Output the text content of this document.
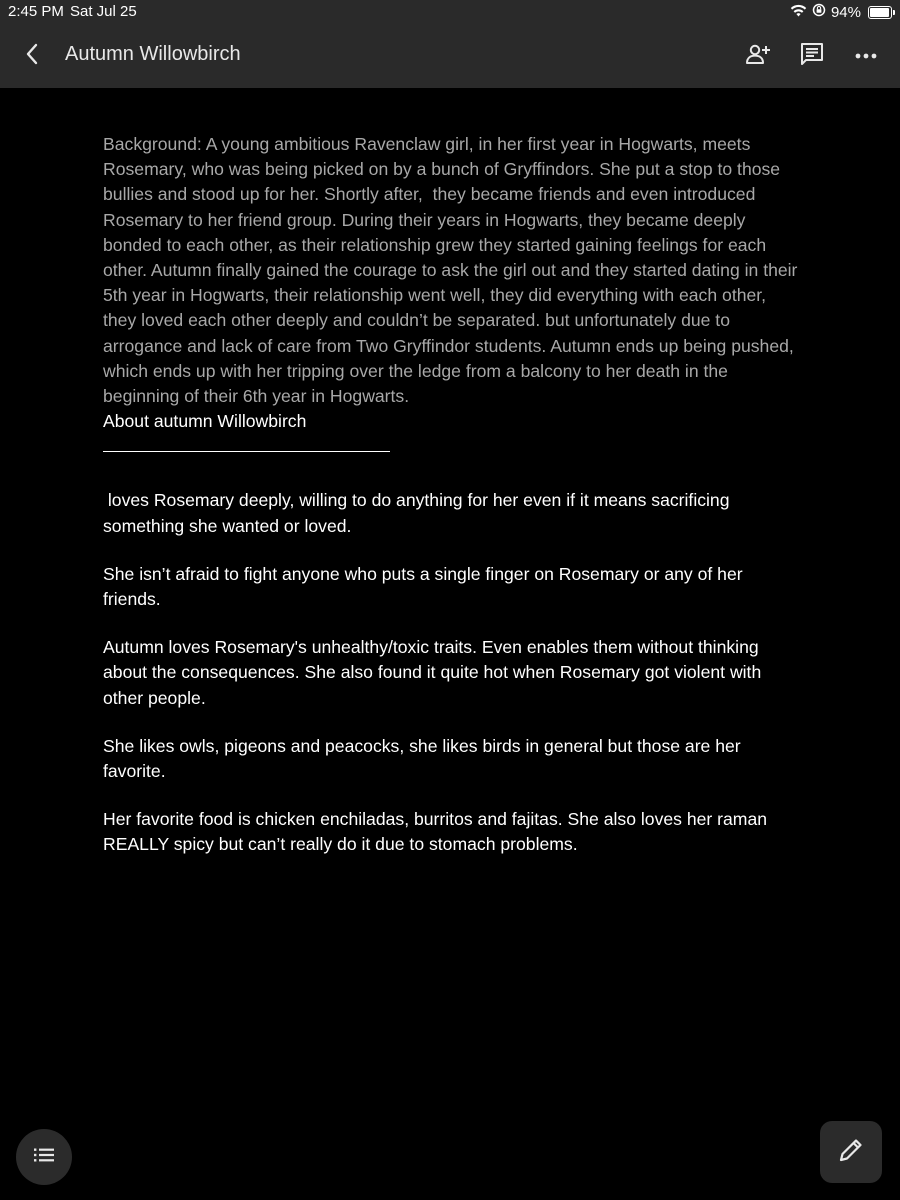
2:45 PM Sat Jul 25	94%
Autumn Willowbirch

Background: A young ambitious Ravenclaw girl, in her first year in Hogwarts, meets Rosemary, who was being picked on by a bunch of Gryffindors. She put a stop to those bullies and stood up for her. Shortly after,  they became friends and even introduced Rosemary to her friend group. During their years in Hogwarts, they became deeply bonded to each other, as their relationship grew they started gaining feelings for each other. Autumn finally gained the courage to ask the girl out and they started dating in their 5th year in Hogwarts, their relationship went well, they did everything with each other, they loved each other deeply and couldn’t be separated. but unfortunately due to arrogance and lack of care from Two Gryffindor students. Autumn ends up being pushed, which ends up with her tripping over the ledge from a balcony to her death in the beginning of their 6th year in Hogwarts.

About autumn Willowbirch

loves Rosemary deeply, willing to do anything for her even if it means sacrificing something she wanted or loved.

She isn’t afraid to fight anyone who puts a single finger on Rosemary or any of her friends.

Autumn loves Rosemary's unhealthy/toxic traits. Even enables them without thinking about the consequences. She also found it quite hot when Rosemary got violent with other people.

She likes owls, pigeons and peacocks, she likes birds in general but those are her favorite.

Her favorite food is chicken enchiladas, burritos and fajitas. She also loves her raman REALLY spicy but can’t really do it due to stomach problems.
